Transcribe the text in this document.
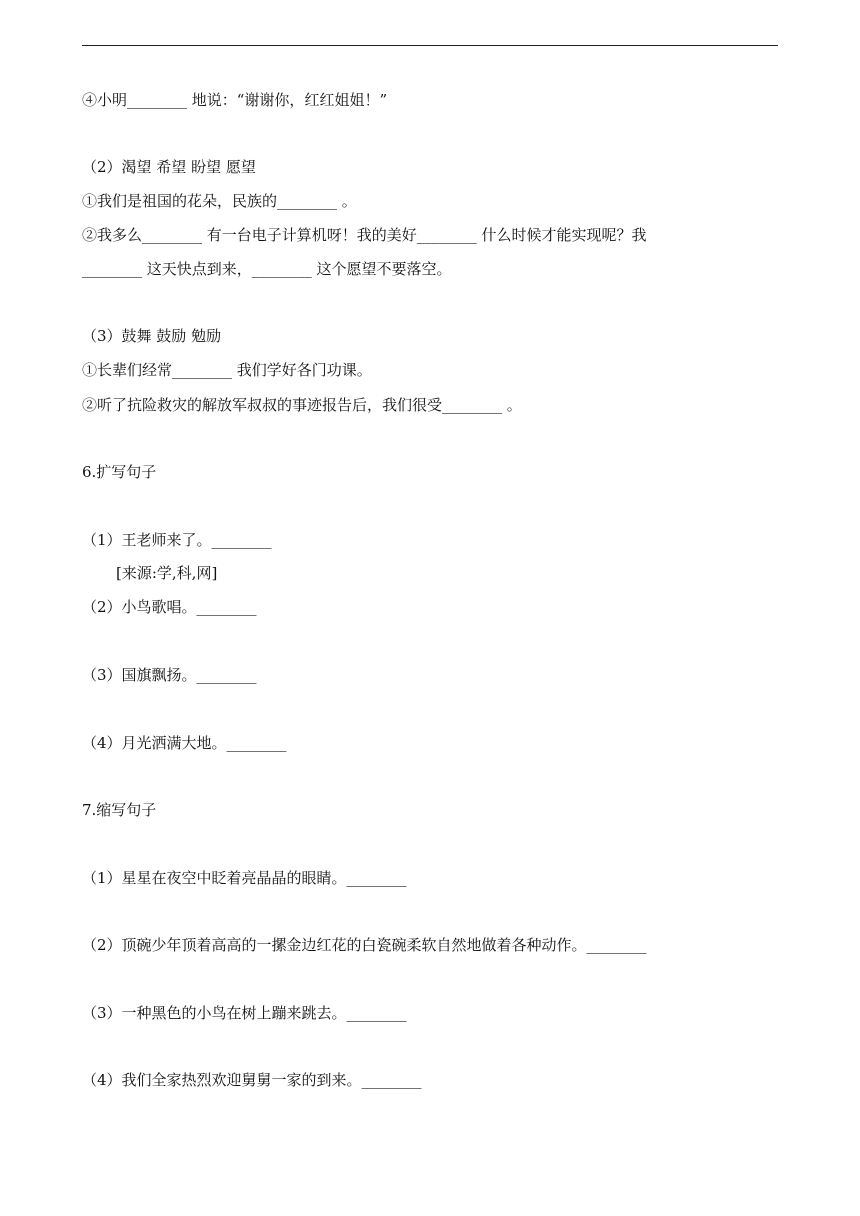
④小明________ 地说：“谢谢你，红红姐姐！”
（2）渴望 希望 盼望 愿望
①我们是祖国的花朵，民族的________ 。
②我多么________ 有一台电子计算机呀！我的美好________ 什么时候才能实现呢？我
________ 这天快点到来，________ 这个愿望不要落空。
（3）鼓舞 鼓励 勉励
①长辈们经常________ 我们学好各门功课。
②听了抗险救灾的解放军叔叔的事迹报告后，我们很受________ 。
6.扩写句子
（1）王老师来了。________
[来源:学,科,网]
（2）小鸟歌唱。________
（3）国旗飘扬。________
（4）月光洒满大地。________
7.缩写句子
（1）星星在夜空中眨着亮晶晶的眼睛。________
（2）顶碗少年顶着高高的一摞金边红花的白瓷碗柔软自然地做着各种动作。________
（3）一种黑色的小鸟在树上蹦来跳去。________
（4）我们全家热烈欢迎舅舅一家的到来。________
